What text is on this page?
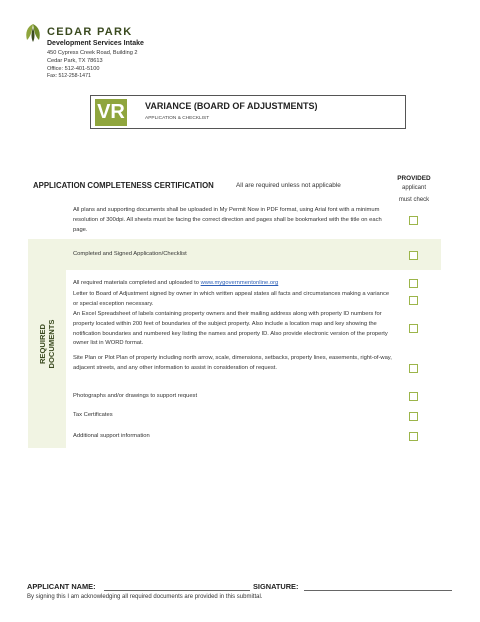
CEDAR PARK
Development Services Intake
450 Cypress Creek Road, Building 2
Cedar Park, TX 78613
Office: 512-401-5100
Fax: 512-258-1471
VR VARIANCE (BOARD OF ADJUSTMENTS)
APPLICATION & CHECKLIST
APPLICATION COMPLETENESS CERTIFICATION	All are required unless not applicable
PROVIDED
applicant
must check
REQUIRED DOCUMENTS
All plans and supporting documents shall be uploaded in My Permit Now in PDF format, using Arial font with a minimum resolution of 300dpi. All sheets must be facing the correct direction and pages shall be bookmarked with the title on each page.
Completed and Signed Application/Checklist
All required materials completed and uploaded to www.mygovernmentonline.org
Letter to Board of Adjustment signed by owner in which written appeal states all facts and circumstances making a variance or special exception necessary.
An Excel Spreadsheet of labels containing property owners and their mailing address along with property ID numbers for property located within 200 feet of boundaries of the subject property. Also include a location map and key showing the notification boundaries and numbered key listing the names and property ID. Also provide electronic version of the property owner list in WORD format.
Site Plan or Plot Plan of property including north arrow, scale, dimensions, setbacks, property lines, easements, right-of-way, adjacent streets, and any other information to assist in consideration of request.
Photographs and/or drawings to support request
Tax Certificates
Additional support information
APPLICANT NAME:	SIGNATURE:
By signing this I am acknowledging all required documents are provided in this submittal.
